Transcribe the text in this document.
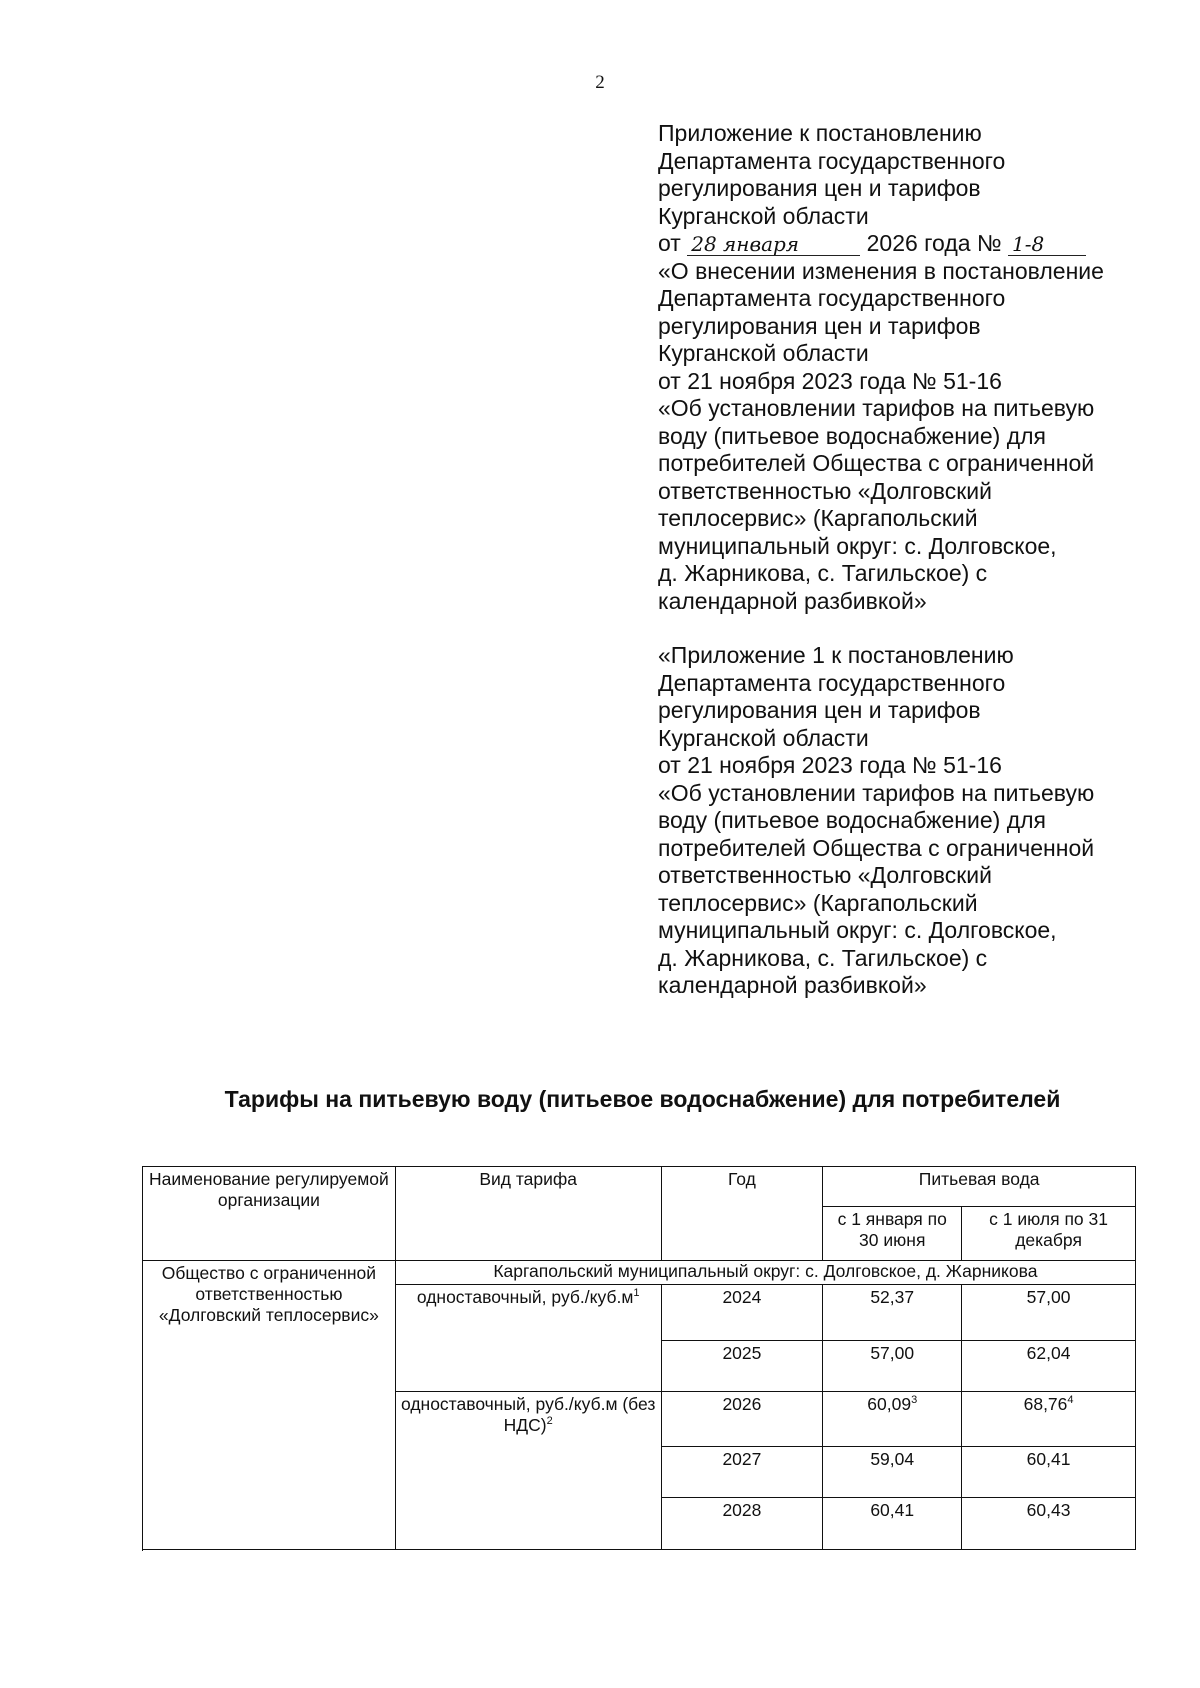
2
Приложение к постановлению
Департамента государственного
регулирования цен и тарифов
Курганской области
от 28 января	2026 года № 1-8
«О внесении изменения в постановление
Департамента государственного
регулирования цен и тарифов
Курганской области
от 21 ноября 2023 года № 51-16
«Об установлении тарифов на питьевую
воду (питьевое водоснабжение) для
потребителей Общества с ограниченной
ответственностью «Долговский
теплосервис» (Каргапольский
муниципальный округ: с. Долговское,
д. Жарникова, с. Тагильское) с
календарной разбивкой»
«Приложение 1 к постановлению
Департамента государственного
регулирования цен и тарифов
Курганской области
от 21 ноября 2023 года № 51-16
«Об установлении тарифов на питьевую
воду (питьевое водоснабжение) для
потребителей Общества с ограниченной
ответственностью «Долговский
теплосервис» (Каргапольский
муниципальный округ: с. Долговское,
д. Жарникова, с. Тагильское) с
календарной разбивкой»
Тарифы на питьевую воду (питьевое водоснабжение) для потребителей
Наименование регулируемой организации	Вид тарифа	Год	Питьевая вода	
			с 1 января по 30 июня	с 1 июля по 31 декабря
Общество с ограниченной ответственностью «Долговский теплосервис»	Каргапольский муниципальный округ: с. Долговское, д. Жарникова			
	одноставочный, $руб./куб.м^1$	2024	52,37	57,00
		2025	57,00	62,04
	одноставочный, руб./куб.м (без НДС)$^2$	2026	60,09$^3$	68,76$^4$
		2027	59,04	60,41
		2028	60,41	60,43
